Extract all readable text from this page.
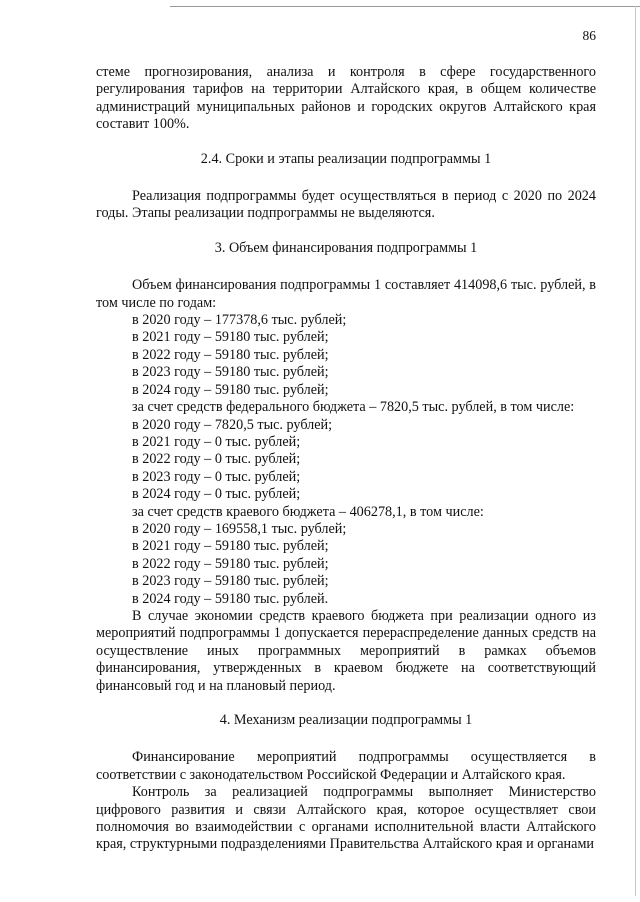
86

стеме прогнозирования, анализа и контроля в сфере государственного регулирования тарифов на территории Алтайского края, в общем количестве администраций муниципальных районов и городских округов Алтайского края составит 100%.

2.4. Сроки и этапы реализации подпрограммы 1

Реализация подпрограммы будет осуществляться в период с 2020 по 2024 годы. Этапы реализации подпрограммы не выделяются.

3. Объем финансирования подпрограммы 1

Объем финансирования подпрограммы 1 составляет 414098,6 тыс. рублей, в том числе по годам:

в 2020 году – 177378,6 тыс. рублей;

в 2021 году – 59180 тыс. рублей;

в 2022 году – 59180 тыс. рублей;

в 2023 году – 59180 тыс. рублей;

в 2024 году – 59180 тыс. рублей;

за счет средств федерального бюджета – 7820,5 тыс. рублей, в том числе:

в 2020 году – 7820,5 тыс. рублей;

в 2021 году – 0 тыс. рублей;

в 2022 году – 0 тыс. рублей;

в 2023 году – 0 тыс. рублей;

в 2024 году – 0 тыс. рублей;

за счет средств краевого бюджета – 406278,1, в том числе:

в 2020 году – 169558,1 тыс. рублей;

в 2021 году – 59180 тыс. рублей;

в 2022 году – 59180 тыс. рублей;

в 2023 году – 59180 тыс. рублей;

в 2024 году – 59180 тыс. рублей.

В случае экономии средств краевого бюджета при реализации одного из мероприятий подпрограммы 1 допускается перераспределение данных средств на осуществление иных программных мероприятий в рамках объемов финансирования, утвержденных в краевом бюджете на соответствующий финансовый год и на плановый период.

4. Механизм реализации подпрограммы 1

Финансирование мероприятий подпрограммы осуществляется в соответствии с законодательством Российской Федерации и Алтайского края.

Контроль за реализацией подпрограммы выполняет Министерство цифрового развития и связи Алтайского края, которое осуществляет свои полномочия во взаимодействии с органами исполнительной власти Алтайского края, структурными подразделениями Правительства Алтайского края и органами
